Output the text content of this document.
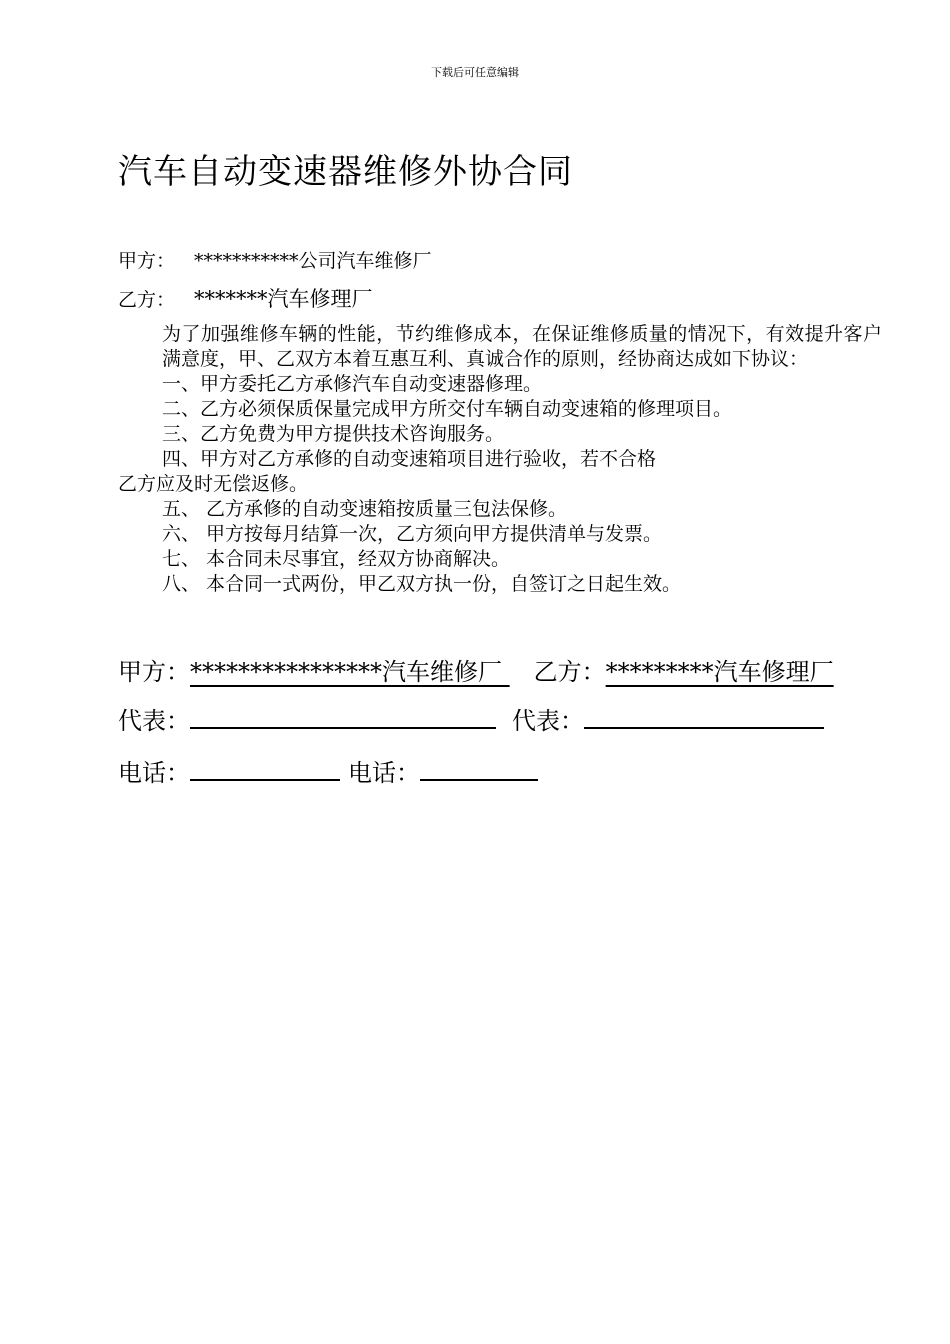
下载后可任意编辑
汽车自动变速器维修外协合同
甲方： ***********公司汽车维修厂
乙方： *******汽车修理厂

为了加强维修车辆的性能，节约维修成本，在保证维修质量的情况下，有效提升客户满意度，甲、乙双方本着互惠互利、真诚合作的原则，经协商达成如下协议：

一、甲方委托乙方承修汽车自动变速器修理。

二、乙方必须保质保量完成甲方所交付车辆自动变速箱的修理项目。

三、乙方免费为甲方提供技术咨询服务。

四、甲方对乙方承修的自动变速箱项目进行验收，若不合格

乙方应及时无偿返修。

五、 乙方承修的自动变速箱按质量三包法保修。

六、 甲方按每月结算一次，乙方须向甲方提供清单与发票。

七、 本合同未尽事宜，经双方协商解决。

八、 本合同一式两份，甲乙双方执一份，自签订之日起生效。

甲方：****************汽车维修厂 乙方：*********汽车修理厂
代表：	代表：
电话：	电话：
